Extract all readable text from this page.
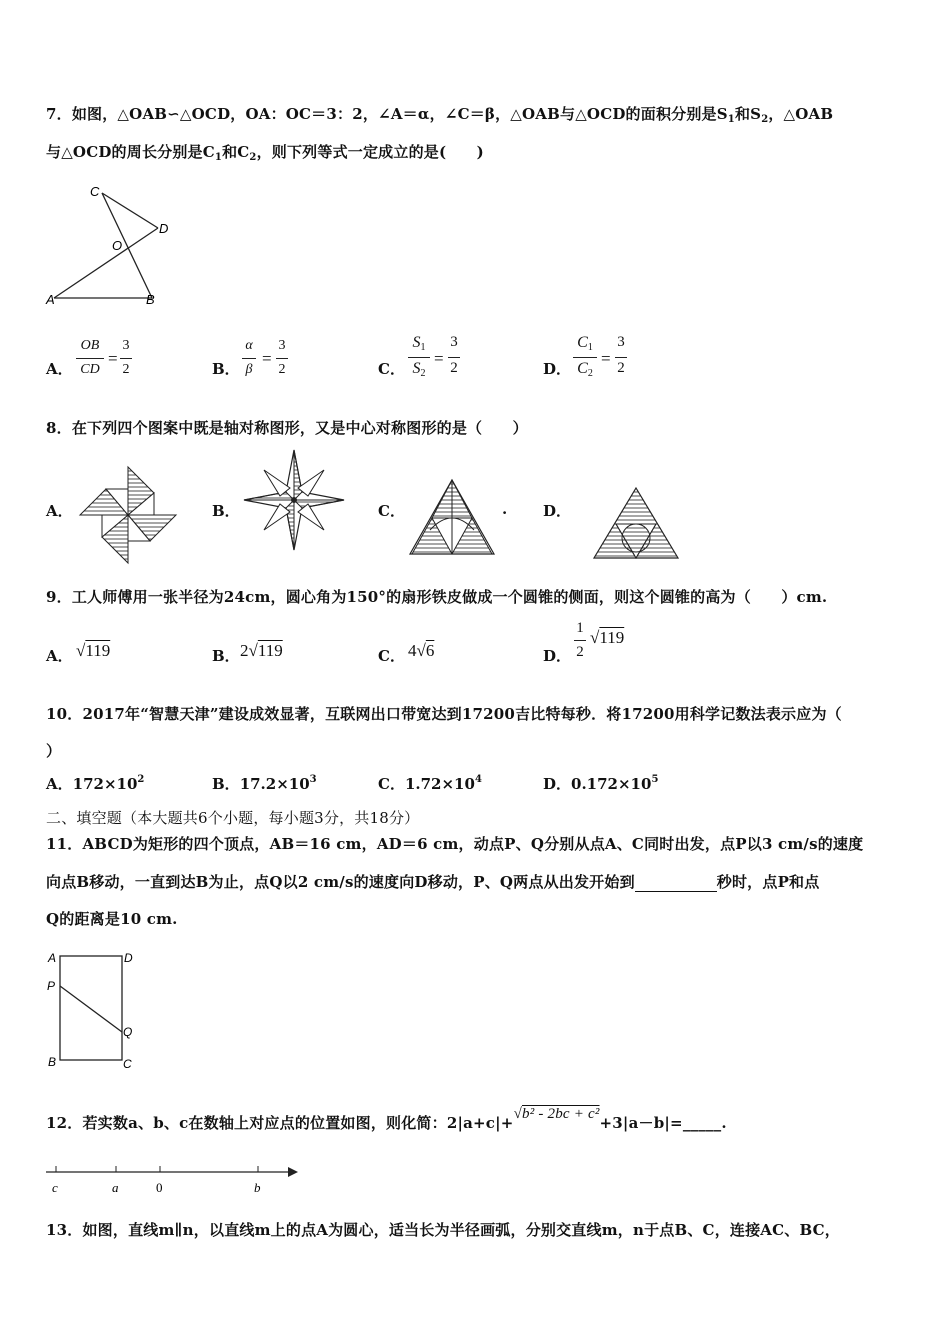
7．如图，△OAB∽△OCD，OA：OC＝3：2，∠A＝α，∠C＝β，△OAB与△OCD的面积分别是$S_1$和$S_2$，△OAB
与△OCD的周长分别是$C_1$和$C_2$，则下列等式一定成立的是(　　)
C
D
O
A	B
A．
OB
CD
=
3
2	B．
α
β
=
3
2	C．
$S_1$
$S_2$
=
3
2	D．
$C_1$
$C_2$
=
3
2
8．在下列四个图案中既是轴对称图形，又是中心对称图形的是（　　）
A．	B．	C．	. D．
9．工人师傅用一张半径为24cm，圆心角为150°的扇形铁皮做成一个圆锥的侧面，则这个圆锥的高为（　　）cm.
A． √119	B． 2√119	C． 4√6	D．
1
2
√119
10．2017年“智慧天津”建设成效显著，互联网出口带宽达到17200吉比特每秒．将17200用科学记数法表示应为（
）
A．$172\times 10^2$	B．$17.2\times 10^3$	C．$1.72\times 10^4$	D．$0.172\times 10^5$
二、填空题（本大题共6个小题，每小题3分，共18分）
11．ABCD为矩形的四个顶点，AB＝16 cm，AD＝6 cm，动点P、Q分别从点A、C同时出发，点P以3 cm/s的速度
向点B移动，一直到达B为止，点Q以2 cm/s的速度向D移动，P、Q两点从出发开始到	秒时，点P和点
Q的距离是10 cm.
A	D
P
Q
B	C
12．若实数a、b、c在数轴上对应点的位置如图，则化简：2|a+c|+√b² - 2bc + c²+3|a－b|=_____.
c	a	0	b
13．如图，直线m∥n，以直线m上的点A为圆心，适当长为半径画弧，分别交直线m，n于点B、C，连接AC、BC，
